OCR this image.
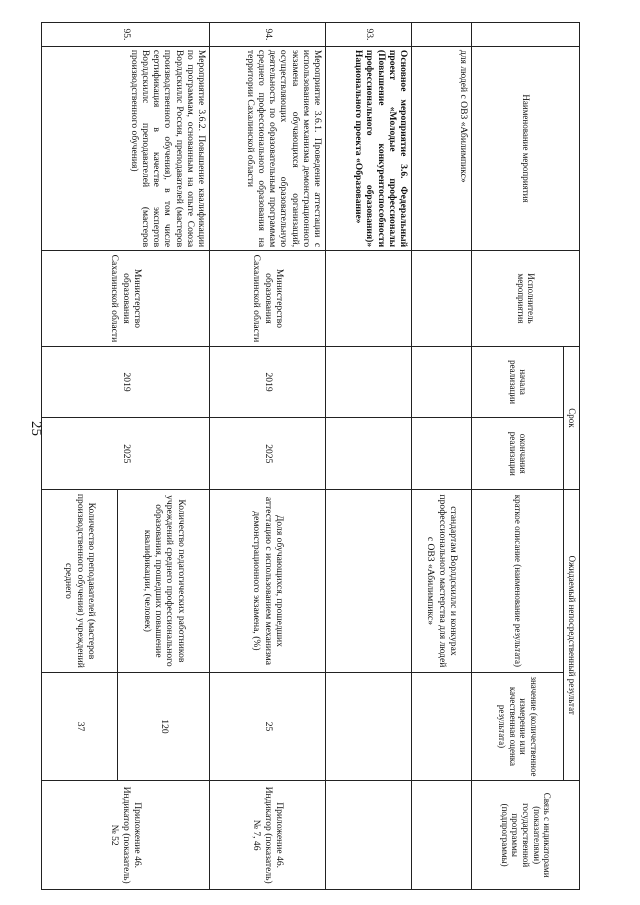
25
	Наименование мероприятия	Исполнитель мероприятия	Срок		Ожидаемый непосредственный результат		Связь с индикаторами (показателями) государственной программы (подпрограммы)
			начала реализации	окончания реализации	краткое описание (наименование результата)	значение (количественное измерение или качественная оценка результата)	
	для людей с ОВЗ «Абилимпикс»				стандартам Ворлдскиллс и конкурах профессионального мастерства для людей с ОВЗ «Абилимпикс»		
93.	Основное мероприятие 3.6. Федеральный проект «Молодые профессионалы (Повышение конкурентоспособности профессионального образования)» Национального проекта «Образование»						
94.	Мероприятие 3.6.1. Проведение аттестации с использованием механизма демонстрационного экзамена обучающихся организаций, осуществляющих образовательную деятельность по образовательным программам среднего профессионального образования на территории Сахалинской области	Министерство образования Сахалинской области	2019	2025	Доля обучающихся, прошедших аттестацию с использованием механизма демонстрационного экзамена, (%)	25	Приложение 46. Индикатор (показатель) № 7, 46
95.	Мероприятие 3.6.2. Повышение квалификации по программам, основанным на опыте Союза Ворлдскиллс Россия, преподавателей (мастеров производственного обучения), в том числе сертификация в качестве экспертов Ворлдскиллс преподавателей (мастеров производственного обучения)	Министерство образования Сахалинской области	2019	2025	Количество педагогических работников учреждений среднего профессионального образования, прошедших повышение квалификации, (человек)	120	Приложение 46. Индикатор (показатель) № 52
					Количество преподавателей (мастеров производственного обучения) учреждений среднего	37	
